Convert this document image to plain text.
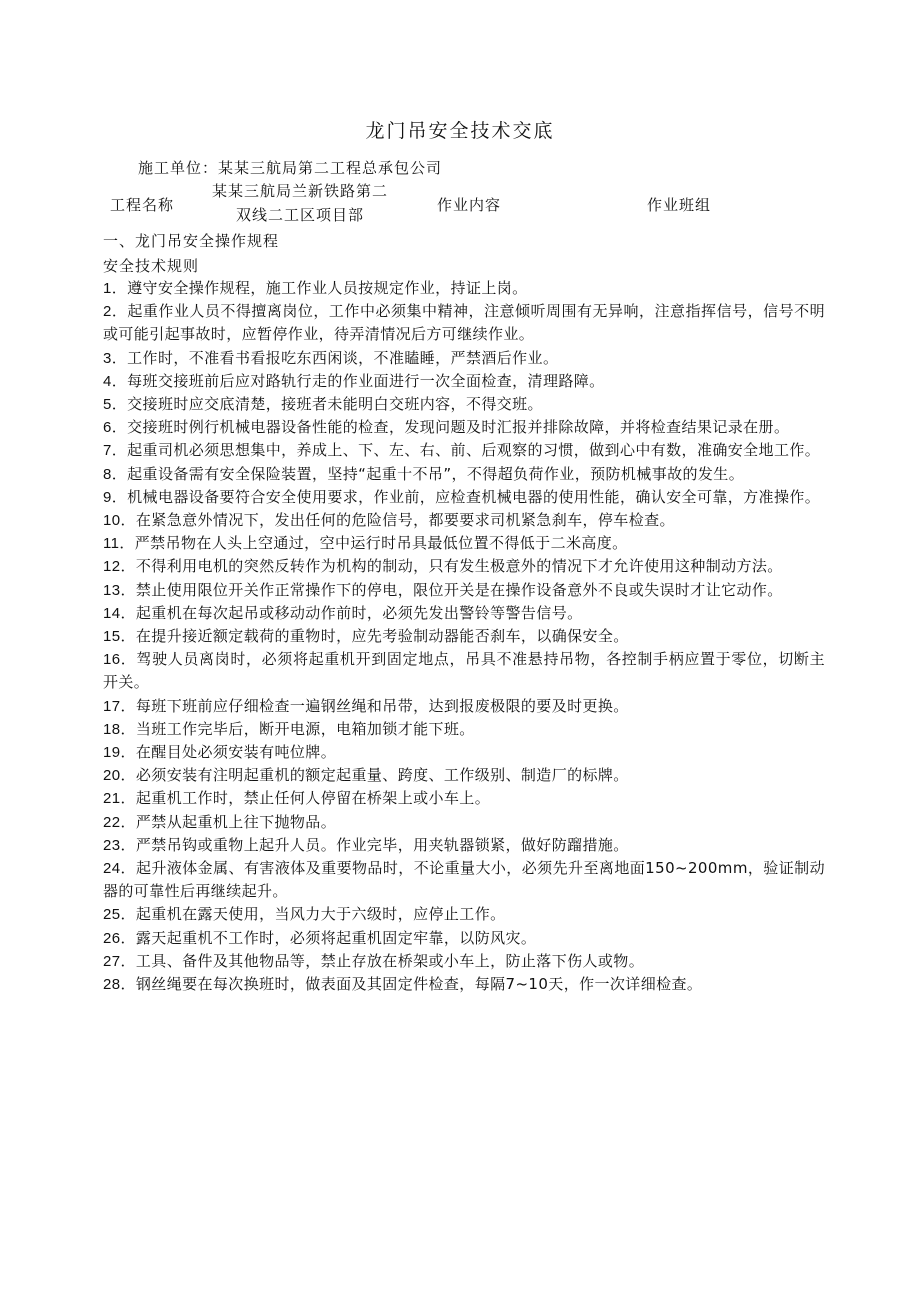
龙门吊安全技术交底
施工单位：某某三航局第二工程总承包公司
工程名称
某某三航局兰新铁路第二双线二工区项目部
作业内容	作业班组
一、龙门吊安全操作规程
安全技术规则
1．遵守安全操作规程，施工作业人员按规定作业，持证上岗。
2．起重作业人员不得擅离岗位，工作中必须集中精神，注意倾听周围有无异响，注意指挥信号，信号不明或可能引起事故时，应暂停作业，待弄清情况后方可继续作业。
3．工作时，不准看书看报吃东西闲谈，不准瞌睡，严禁酒后作业。
4．每班交接班前后应对路轨行走的作业面进行一次全面检查，清理路障。
5．交接班时应交底清楚，接班者未能明白交班内容，不得交班。
6．交接班时例行机械电器设备性能的检查，发现问题及时汇报并排除故障，并将检查结果记录在册。
7．起重司机必须思想集中，养成上、下、左、右、前、后观察的习惯，做到心中有数，准确安全地工作。
8．起重设备需有安全保险装置，坚持“起重十不吊”，不得超负荷作业，预防机械事故的发生。
9．机械电器设备要符合安全使用要求，作业前，应检查机械电器的使用性能，确认安全可靠，方准操作。
10．在紧急意外情况下，发出任何的危险信号，都要要求司机紧急刹车，停车检查。
11．严禁吊物在人头上空通过，空中运行时吊具最低位置不得低于二米高度。
12．不得利用电机的突然反转作为机构的制动，只有发生极意外的情况下才允许使用这种制动方法。
13．禁止使用限位开关作正常操作下的停电，限位开关是在操作设备意外不良或失误时才让它动作。
14．起重机在每次起吊或移动动作前时，必须先发出警铃等警告信号。
15．在提升接近额定载荷的重物时，应先考验制动器能否刹车，以确保安全。
16．驾驶人员离岗时，必须将起重机开到固定地点，吊具不准悬持吊物，各控制手柄应置于零位，切断主开关。
17．每班下班前应仔细检查一遍钢丝绳和吊带，达到报废极限的要及时更换。
18．当班工作完毕后，断开电源，电箱加锁才能下班。
19．在醒目处必须安装有吨位牌。
20．必须安装有注明起重机的额定起重量、跨度、工作级别、制造厂的标牌。
21．起重机工作时，禁止任何人停留在桥架上或小车上。
22．严禁从起重机上往下抛物品。
23．严禁吊钩或重物上起升人员。作业完毕，用夹轨器锁紧，做好防蹓措施。
24．起升液体金属、有害液体及重要物品时，不论重量大小，必须先升至离地面150~200mm，验证制动器的可靠性后再继续起升。
25．起重机在露天使用，当风力大于六级时，应停止工作。
26．露天起重机不工作时，必须将起重机固定牢靠，以防风灾。
27．工具、备件及其他物品等，禁止存放在桥架或小车上，防止落下伤人或物。
28．钢丝绳要在每次换班时，做表面及其固定件检查，每隔7~10天，作一次详细检查。
